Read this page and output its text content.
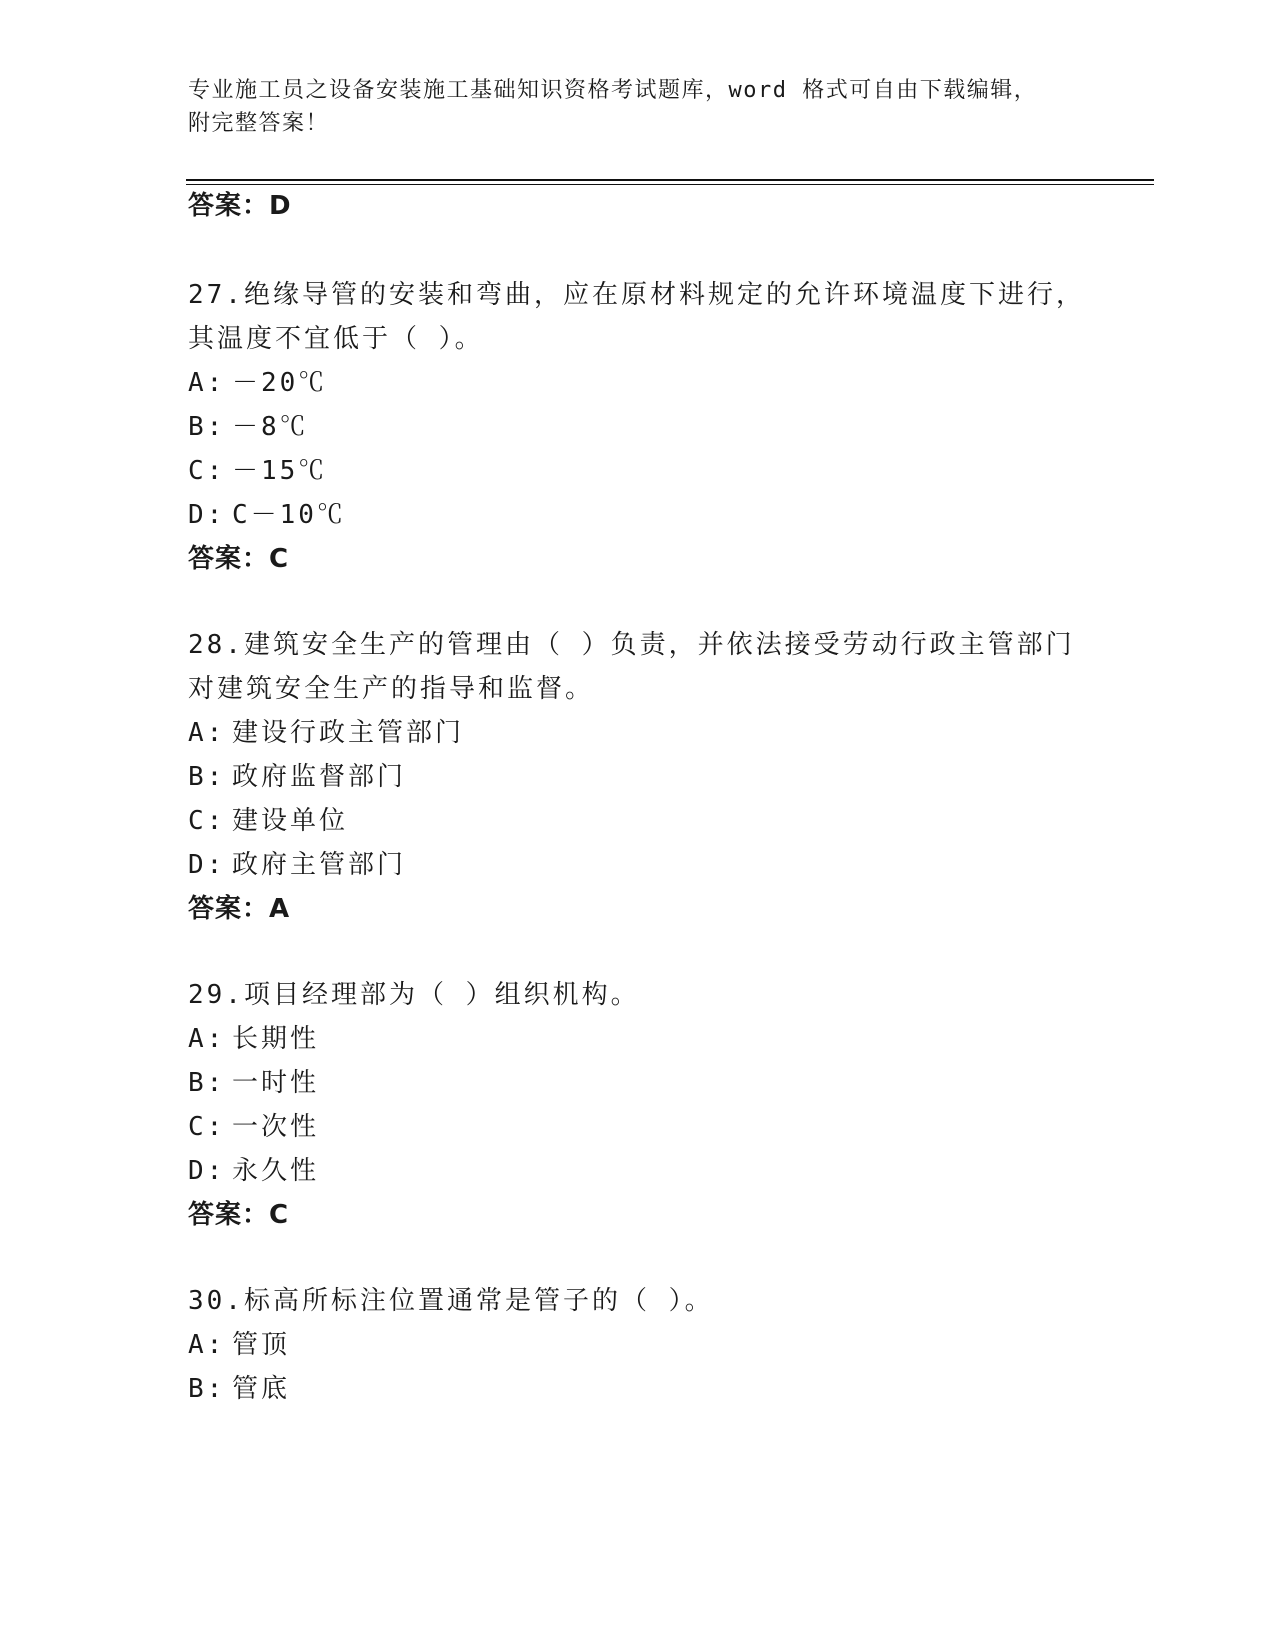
专业施工员之设备安装施工基础知识资格考试题库，word 格式可自由下载编辑，
附完整答案！
答案：D
27.绝缘导管的安装和弯曲，应在原材料规定的允许环境温度下进行，
其温度不宜低于（ ）。
A: －20℃
B: －8℃
C: －15℃
D: C－10℃
答案：C
28.建筑安全生产的管理由（ ）负责，并依法接受劳动行政主管部门
对建筑安全生产的指导和监督。
A: 建设行政主管部门
B: 政府监督部门
C: 建设单位
D: 政府主管部门
答案：A
29.项目经理部为（ ）组织机构。
A: 长期性
B: 一时性
C: 一次性
D: 永久性
答案：C
30.标高所标注位置通常是管子的（ ）。
A: 管顶
B: 管底
